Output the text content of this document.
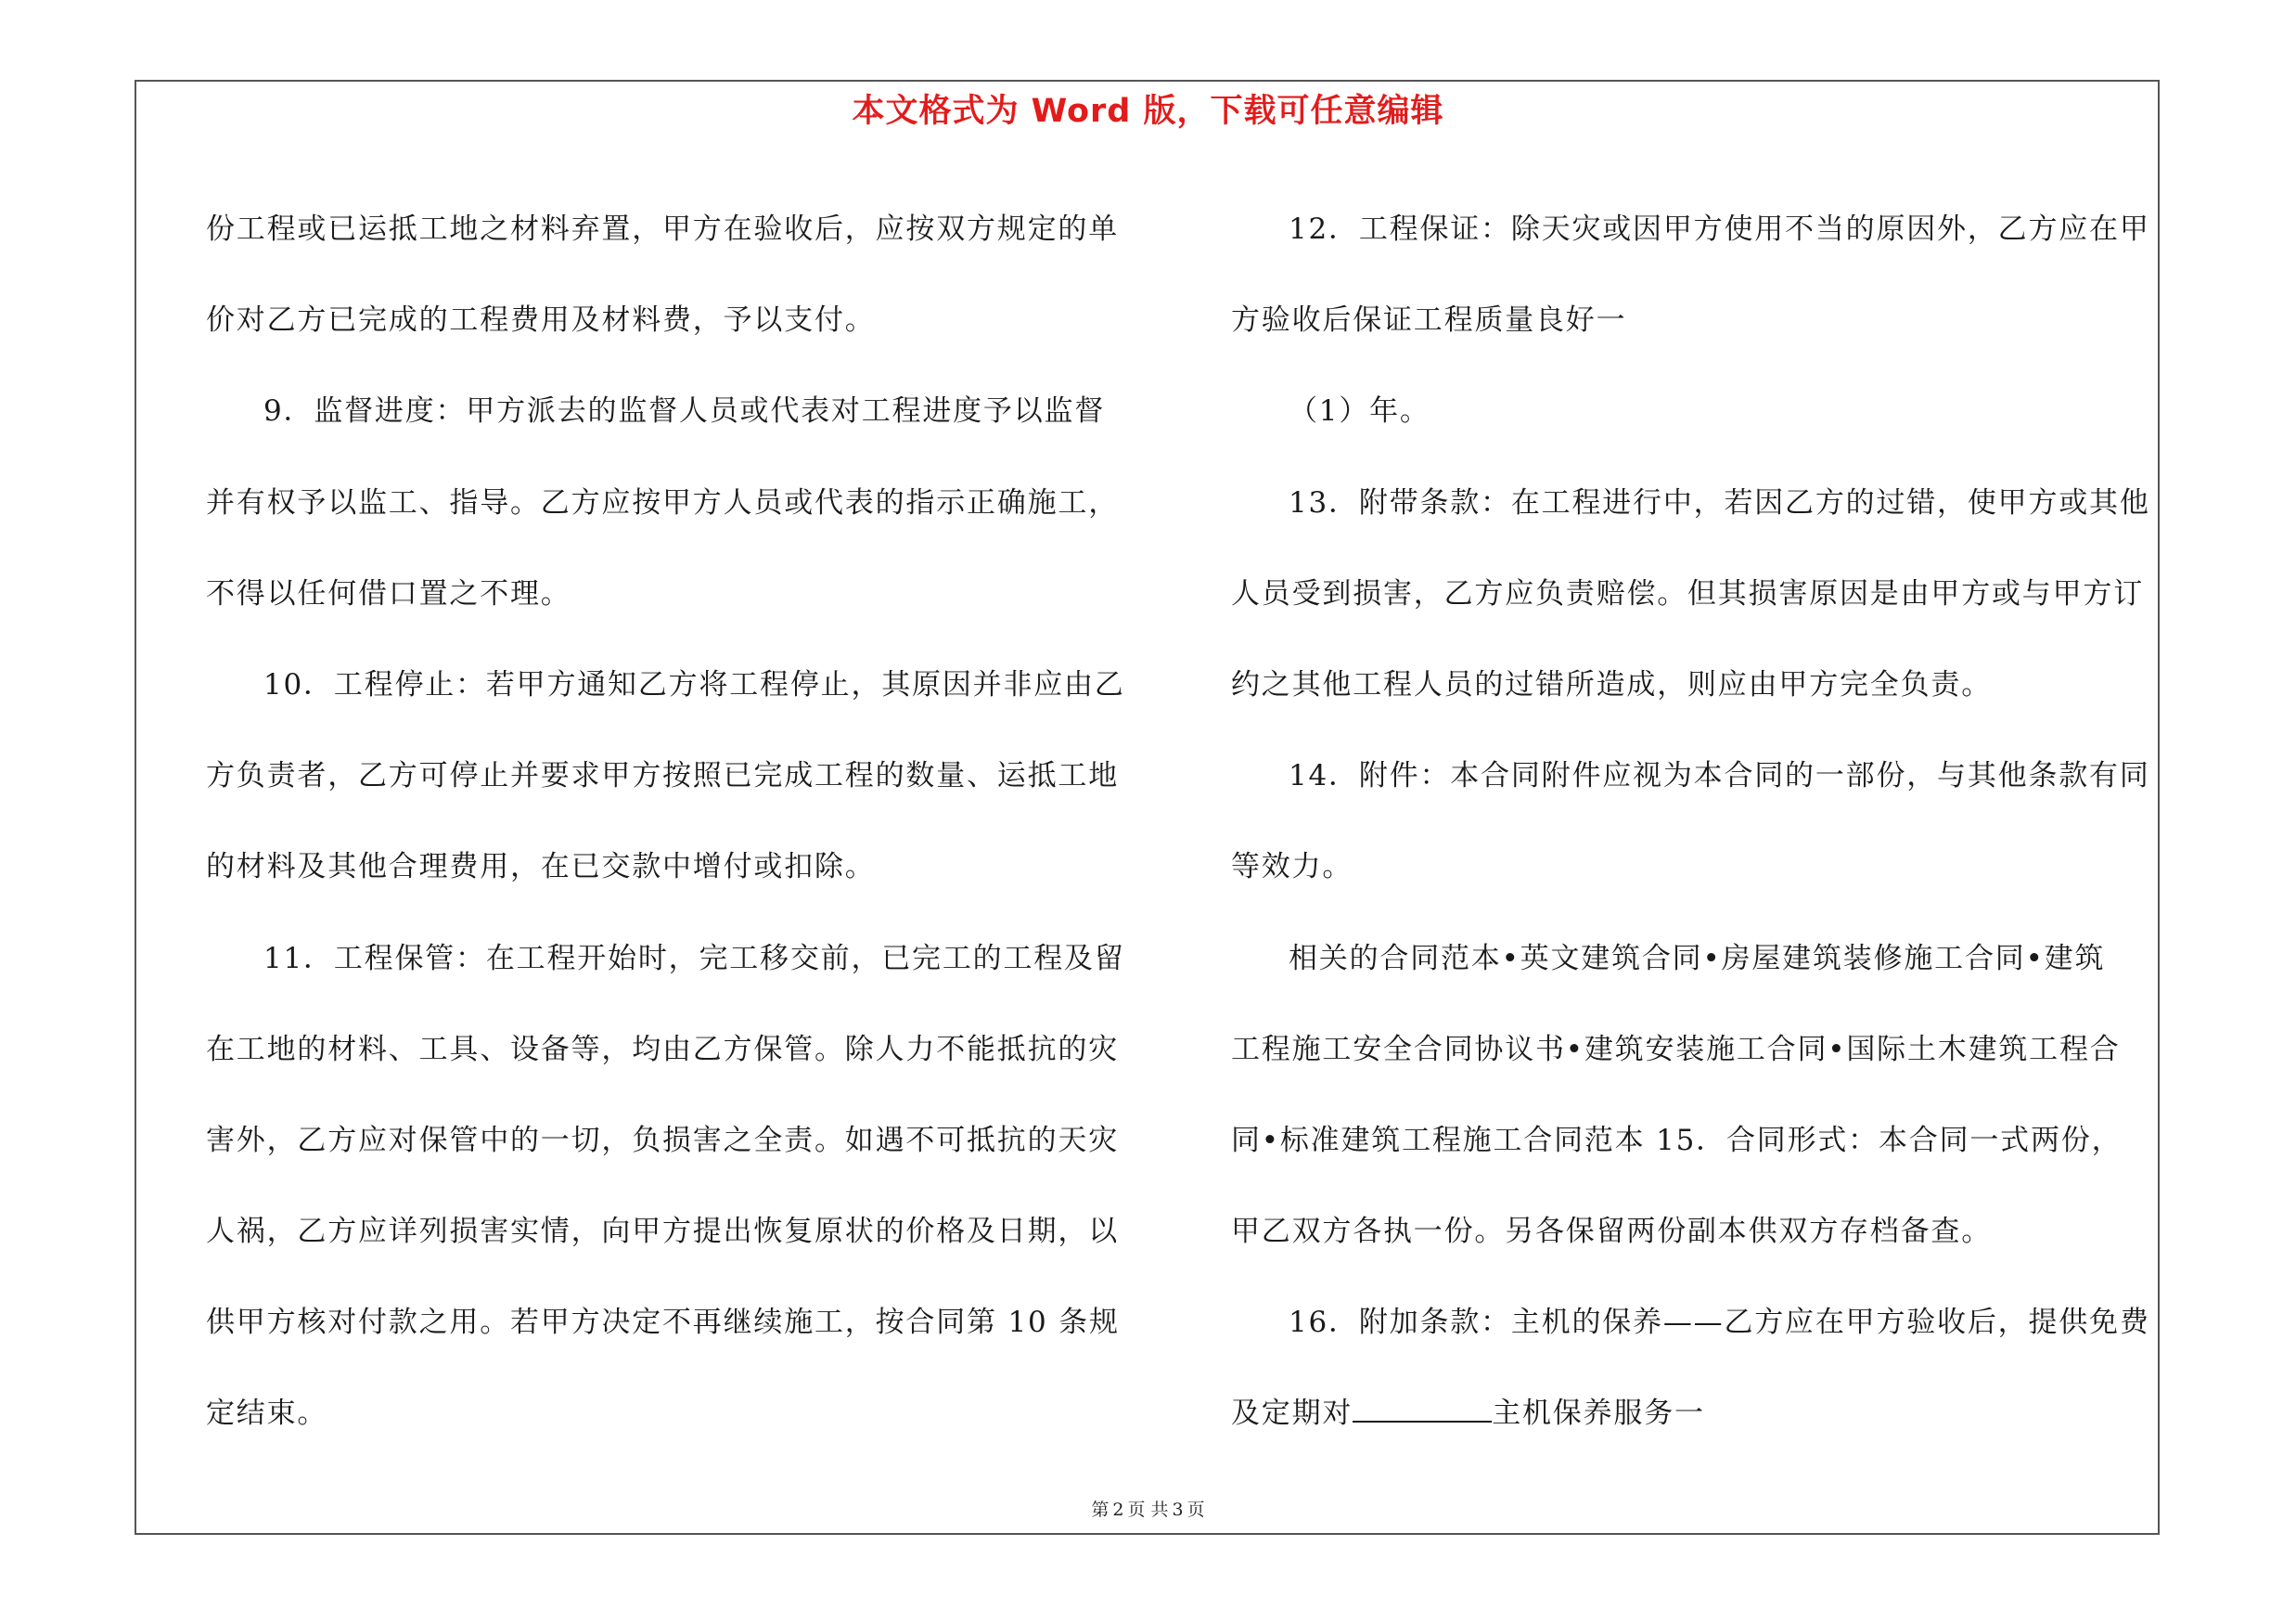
本文格式为 Word 版，下载可任意编辑
份工程或已运抵工地之材料弃置，甲方在验收后，应按双方规定的单
价对乙方已完成的工程费用及材料费，予以支付。
9．监督进度：甲方派去的监督人员或代表对工程进度予以监督
并有权予以监工、指导。乙方应按甲方人员或代表的指示正确施工，
不得以任何借口置之不理。
10．工程停止：若甲方通知乙方将工程停止，其原因并非应由乙
方负责者，乙方可停止并要求甲方按照已完成工程的数量、运抵工地
的材料及其他合理费用，在已交款中增付或扣除。
11．工程保管：在工程开始时，完工移交前，已完工的工程及留
在工地的材料、工具、设备等，均由乙方保管。除人力不能抵抗的灾
害外，乙方应对保管中的一切，负损害之全责。如遇不可抵抗的天灾
人祸，乙方应详列损害实情，向甲方提出恢复原状的价格及日期，以
供甲方核对付款之用。若甲方决定不再继续施工，按合同第 10 条规
定结束。
12．工程保证：除天灾或因甲方使用不当的原因外，乙方应在甲
方验收后保证工程质量良好一
（1）年。
13．附带条款：在工程进行中，若因乙方的过错，使甲方或其他
人员受到损害，乙方应负责赔偿。但其损害原因是由甲方或与甲方订
约之其他工程人员的过错所造成，则应由甲方完全负责。
14．附件：本合同附件应视为本合同的一部份，与其他条款有同
等效力。
相关的合同范本•英文建筑合同•房屋建筑装修施工合同•建筑
工程施工安全合同协议书•建筑安装施工合同•国际土木建筑工程合
同•标准建筑工程施工合同范本 15．合同形式：本合同一式两份，
甲乙双方各执一份。另各保留两份副本供双方存档备查。
16．附加条款：主机的保养——乙方应在甲方验收后，提供免费
及定期对	主机保养服务一
第 2 页 共 3 页
